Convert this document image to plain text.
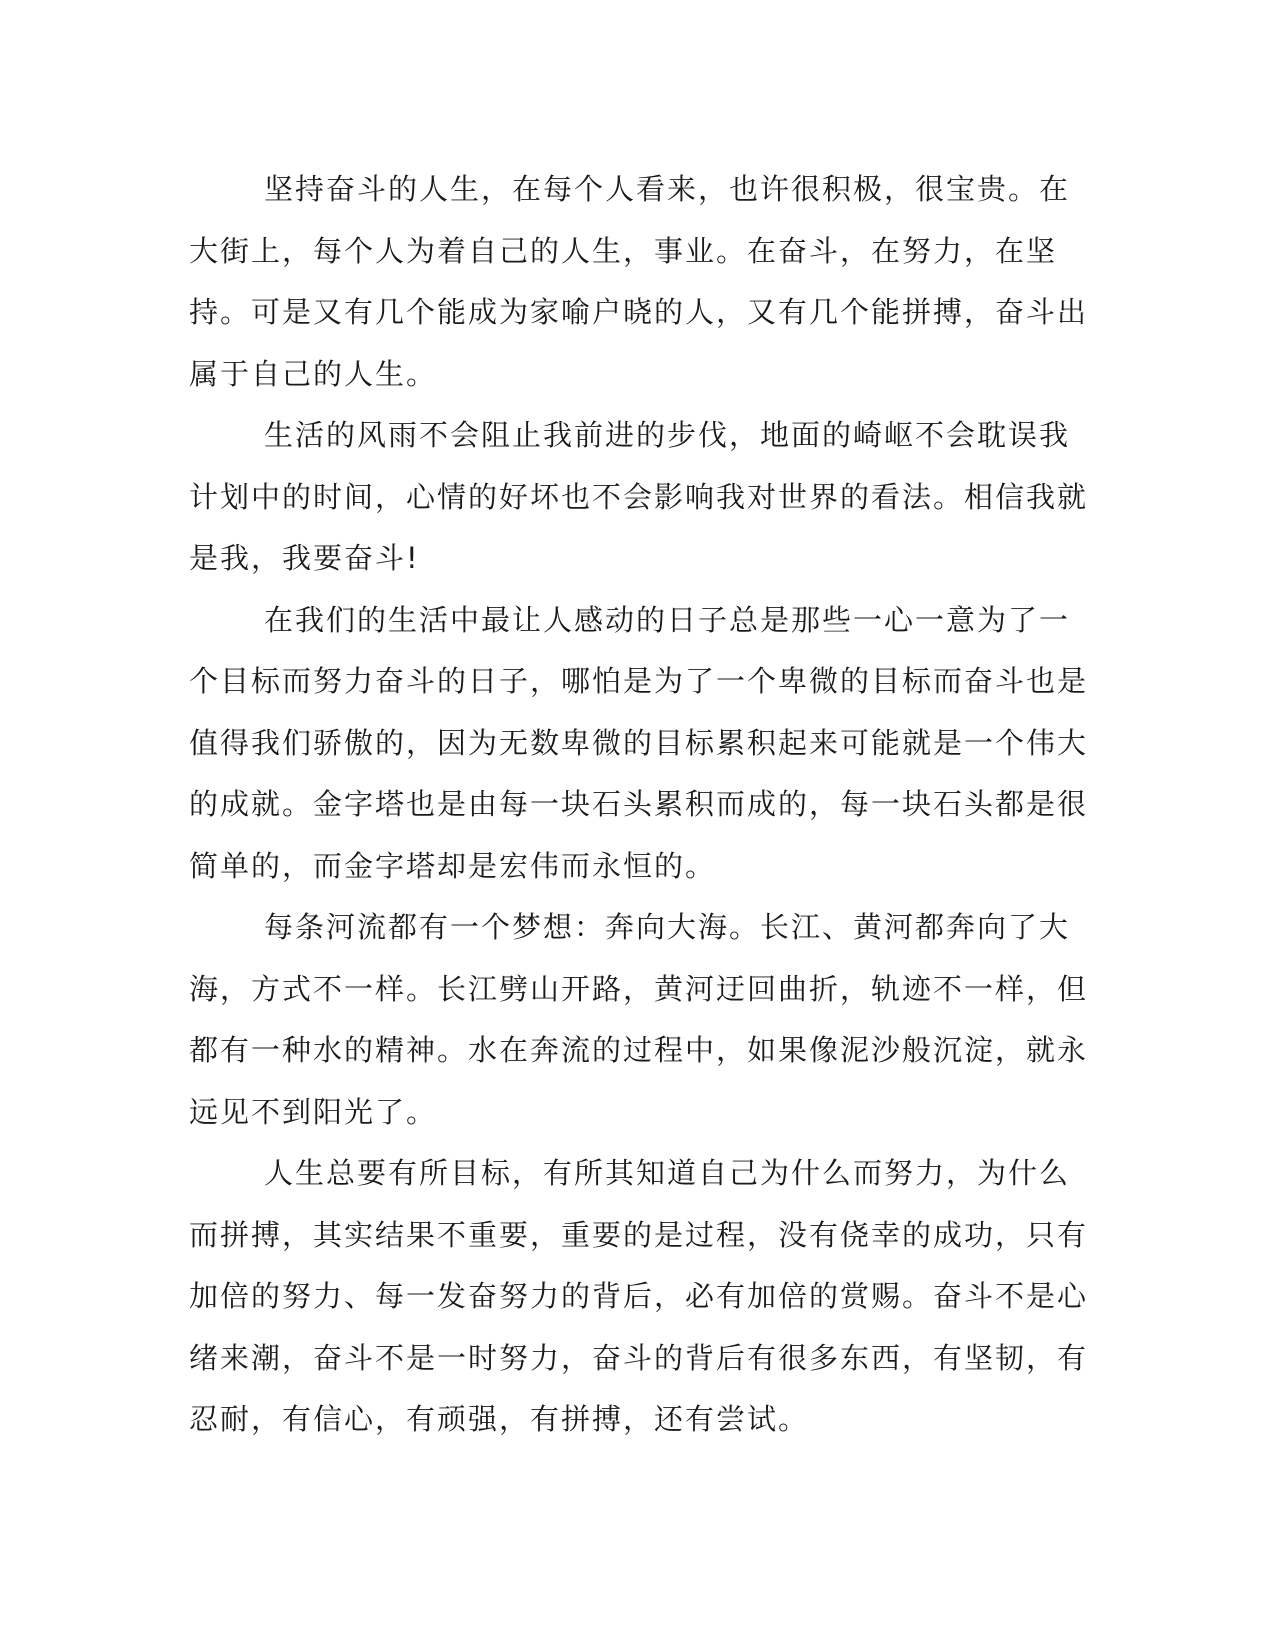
坚持奋斗的人生，在每个人看来，也许很积极，很宝贵。在大街上，每个人为着自己的人生，事业。在奋斗，在努力，在坚持。可是又有几个能成为家喻户晓的人，又有几个能拼搏，奋斗出属于自己的人生。

生活的风雨不会阻止我前进的步伐，地面的崎岖不会耽误我计划中的时间，心情的好坏也不会影响我对世界的看法。相信我就是我，我要奋斗!

在我们的生活中最让人感动的日子总是那些一心一意为了一个目标而努力奋斗的日子，哪怕是为了一个卑微的目标而奋斗也是值得我们骄傲的，因为无数卑微的目标累积起来可能就是一个伟大的成就。金字塔也是由每一块石头累积而成的，每一块石头都是很简单的，而金字塔却是宏伟而永恒的。

每条河流都有一个梦想：奔向大海。长江、黄河都奔向了大海，方式不一样。长江劈山开路，黄河迂回曲折，轨迹不一样，但都有一种水的精神。水在奔流的过程中，如果像泥沙般沉淀，就永远见不到阳光了。

人生总要有所目标，有所其知道自己为什么而努力，为什么而拼搏，其实结果不重要，重要的是过程，没有侥幸的成功，只有加倍的努力、每一发奋努力的背后，必有加倍的赏赐。奋斗不是心绪来潮，奋斗不是一时努力，奋斗的背后有很多东西，有坚韧，有忍耐，有信心，有顽强，有拼搏，还有尝试。
